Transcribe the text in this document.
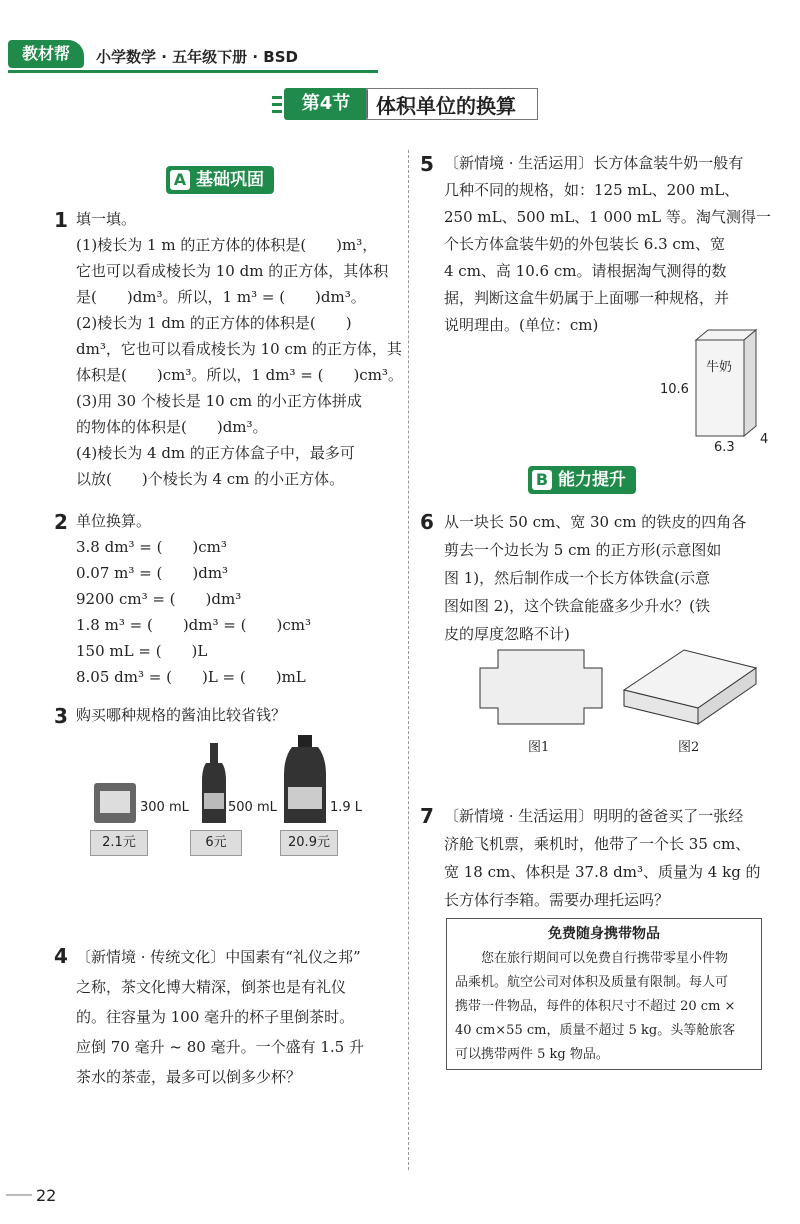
教材帮	小学数学 · 五年级下册 · BSD
第4节	体积单位的换算
A 基础巩固
1 填一填。
(1)棱长为 1 m 的正方体的体积是(　　)m³，
它也可以看成棱长为 10 dm 的正方体，其体积
是(　　)dm³。所以，1 m³ = (　　)dm³。
(2)棱长为 1 dm 的正方体的体积是(　　)
dm³，它也可以看成棱长为 10 cm 的正方体，其
体积是(　　)cm³。所以，1 dm³ = (　　)cm³。
(3)用 30 个棱长是 10 cm 的小正方体拼成
的物体的体积是(　　)dm³。
(4)棱长为 4 dm 的正方体盒子中，最多可
以放(　　)个棱长为 4 cm 的小正方体。
2 单位换算。
3.8 dm³ = (　　)cm³
0.07 m³ = (　　)dm³
9200 cm³ = (　　)dm³
1.8 m³ = (　　)dm³ = (　　)cm³
150 mL = (　　)L
8.05 dm³ = (　　)L = (　　)mL
3 购买哪种规格的酱油比较省钱？
300 mL	500 mL	1.9 L
2.1元	6元	20.9元
4 〔新情境 · 传统文化〕中国素有“礼仪之邦”
之称，茶文化博大精深，倒茶也是有礼仪
的。往容量为 100 毫升的杯子里倒茶时。
应倒 70 毫升 ~ 80 毫升。一个盛有 1.5 升
茶水的茶壶，最多可以倒多少杯？
5 〔新情境 · 生活运用〕长方体盒装牛奶一般有
几种不同的规格，如：125 mL、200 mL、
250 mL、500 mL、1 000 mL 等。淘气测得一
个长方体盒装牛奶的外包装长 6.3 cm、宽
4 cm、高 10.6 cm。请根据淘气测得的数
据，判断这盒牛奶属于上面哪一种规格，并
说明理由。(单位：cm)
牛奶
10.6
6.3
4
B 能力提升
6 从一块长 50 cm、宽 30 cm 的铁皮的四角各
剪去一个边长为 5 cm 的正方形(示意图如
图 1)，然后制作成一个长方体铁盒(示意
图如图 2)，这个铁盒能盛多少升水？(铁
皮的厚度忽略不计)
图1	图2
7 〔新情境 · 生活运用〕明明的爸爸买了一张经
济舱飞机票，乘机时，他带了一个长 35 cm、
宽 18 cm、体积是 37.8 dm³、质量为 4 kg 的
长方体行李箱。需要办理托运吗？
免费随身携带物品
　　您在旅行期间可以免费自行携带零星小件物
品乘机。航空公司对体积及质量有限制。每人可
携带一件物品，每件的体积尺寸不超过 20 cm ×
40 cm×55 cm，质量不超过 5 kg。头等舱旅客
可以携带两件 5 kg 物品。
22
